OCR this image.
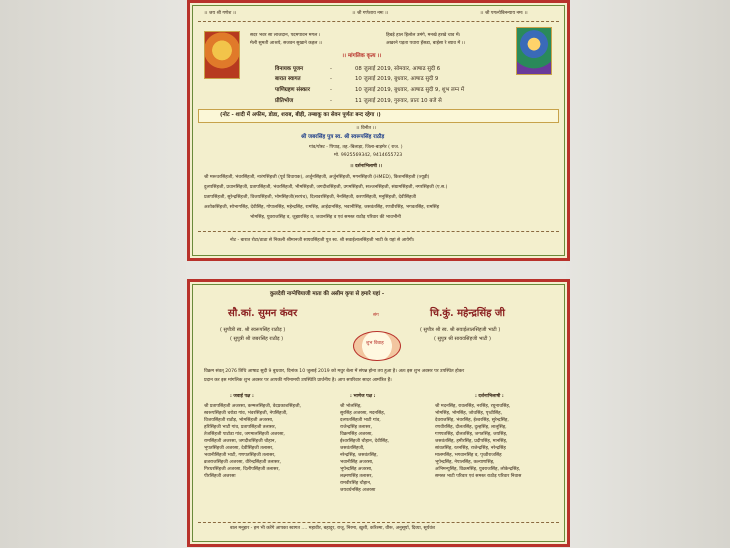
।। जय श्री गणेश ।।	।। श्री गणेशाय नमः ।।	।। श्री पगल्येबिनन्याय नमः ।।
सदर भवर सा लाजदान, पदमपावन मगल ।
मेली सुमती आश्रये, सजवन सुखाने कहल ।।
हिबड़े हाल हिलोल उमंगे, मनखे हरखे चाव में।
अखरने पड़ता पधारा हँसडा, बाईसा रे ब्याव में ।।
।। मांगलिक कृत्य ।।
विनायक पूजन	-	08 जुलाई 2019, सोमवार, आषाढ सुदी 6
बारात स्वागत	-	10 जुलाई 2019, बुधवार, आषाढ सुदी 9
पाणिग्रहण संस्कार	-	10 जुलाई 2019, बुधवार, आषाढ सुदी 9, शुभ लग्न में
प्रीतिभोज	-	11 जुलाई 2019, गुरुवार, प्रातः 10 बजे से
(नोट - शादी में अफीम, डोडा, शराब, बीड़ी, तम्बाकू का सेवन पूर्णतः बन्द रहेगा ।)
।। विनीत ।।
श्री जबरसिंह पुत्र स्व. श्री स्वरूपसिंह राठौड़
गांव/पोस्ट - पिपाड़, तह.-बिलाड़ा, जिला-बाड़मेर ( राज. )
मो. 9925569342, 9414655723
।। दर्शनाभिलाषी ।।
श्री मरूधरसिंहजी, भंवरसिंहजी, नारंगसिंहजी (पूर्व विधायक), अर्जुनसिंहजी, अर्जुनसिंहजी, मगनसिंहजी (HMED), किशनसिंहजी (ज्यूडी)
दुलपसिंहजी, प्रधानसिंहजी, प्रतापसिंहजी, भंवरसिंहजी, भीमसिंहजी, जगदीशसिंहजी, उगमसिंहजी, सज्जनसिंहजी, संग्रामसिंहजी, नगरसिंहजी (ए.स.)
प्रतापसिंहजी, सुरेन्द्रसिंहजी, विजयसिंहजी, भोमसिंहजी(सरपंच), दिलावरसिंहजी, नैनसिंहजी, करणसिंहजी, मनुसिंहजी, देवीसिंहजी
अशोकसिंहजी, सोभागसिंह, देवीसिंह, गोपालसिंह, महेन्द्रसिंह, रामसिंह, आईदानसिंह, भवानीसिंह, जसवंतसिंह, रणवीरसिंह, भगवतसिंह, रामसिंह
भोमसिंह, युवराजसिंह व, जुझारसिंह व, जवानसिंह व एवं समस्त राठौड़ परिवार की भावभीनी
नोट - बारात रोटा/ठाठा से निकली श्रीमानजी सायवसिंहजी पुत्र स्व. श्री सवाईलालसिंहजी भाटी के यहां से आयेगी।
कुलदेवी नाग्नेचियाजी माता की असीम कृपा से हमारे यहां -
सौ.कां. सुमन कंवर
( सुपौत्री स्व. श्री स्वरूपसिंह राठौड़ )
( सुपुत्री श्री जबरसिंह राठौड़ )
संग
शुभ विवाह
चि.कुं. महेन्द्रसिंह जी
( सुपौत्र श्री स्व. श्री सवाईलालसिंहजी भाटी )
( सुपुत्र श्री सायवसिंहजी भाटी )
विक्रम संवत् 2076 तिथि आषाढ सुदी 9 बुधवार, दिनांक 10 जुलाई 2019 को मधुर बेला में संपन्न होना तय हुआ है। अतः इस शुभ अवसर पर उपस्थित होकर
प्रदान कर इस मांगलिक शुभ अवसर पर आपकी गरिमामयी उपस्थिति प्रार्थनीय है। आप सपरिवार सादर आमंत्रित हैं।
: जवाई पक्ष :	: भाणेज पक्ष :	: दर्शनाभिलाषी :
श्री प्रतापसिंहजी अजरसा, कम्मलसिंहजी, वेदप्रकाशसिंहजी,
स्वरूपसिंहजी चरोडा गांव, भंवरसिंहजी, नेपसिंहजी,
विजयसिंहजी राठौड़, भोमसिंहजी अजरसा,
हरिसिंहजी भाटी गांव, प्रतापसिंहजी तलासर,
तेजसिंहजी पाटोडा गांव, जगमालसिंहजी अजरसा,
रामसिंहजी अजरसा, जगदीशसिंहजी चौहान,
भूपतसिंहजी अजरसा, देवीसिंहजी तलासर,
भवानीसिंहजी भाटी, गणपतसिंहजी तलासर,
ब्रजराजसिंहजी अजरसा, वीरेन्द्रसिंहजी तलासर,
गिरधरसिंहजी अजरसा, दिलीपसिंहजी तलासर,
पीरसिंहजी अजरसा
श्री भोलसिंह,
सुरसिंह अजरसा, मदनसिंह,
दलपतसिंहजी भाटी गांव,
राजेन्द्रसिंह तलासर,
विक्रमसिंह अजरसा,
ईश्वरसिंहजी चौहान, देवीसिंह,
जसवंतसिंहजी,
नरेन्द्रसिंह, जसवंतसिंह,
भवानीसिंह अजरसा,
भूपेन्द्रसिंह अजरसा,
लक्ष्मणसिंह तलासर,
रामवीरसिंह चौहान,
जयवर्धनसिंह अजरसा
श्री मदनसिंह, रावलसिंह, नरसिंह, रघुनाथसिंह,
भोमसिंह, भोमसिंह, जोधसिंह, पृथ्वीसिंह,
देवराजसिंह, भंवरसिंह, ईश्वरसिंह, सुरेन्द्रसिंह,
रणवीरसिंह, दौलतसिंह, दुल्हसिंह, लालूसिंह,
गणपतसिंह, दौलतसिंह, जगतसिंह, जयसिंह,
जसवंतसिंह, हमीरसिंह, प्रदीपसिंह, मानसिंह,
सांवतसिंह, रतनसिंह, राजेन्द्रसिंह, नरेन्द्रसिंह
मालमसिंह, भगवानसिंह व, पृथ्वीराजसिंह
भूपेन्द्रसिंह, नेपालसिंह, कल्याणसिंह,
अभिमन्युसिंह, विक्रमसिंह, युवराजसिंह, लोकेन्द्रसिंह,
समस्त भाटी परिवार एवं समस्त राठौड़ परिवार निवास
बाल मनुहार - हम भी करेंगे आपका स्वागत .... महावीर, बहादुर, राजू, निरमा, खुशी, करिश्मा, वीरू, अनुसूर्या, दिव्या, सूर्यवंश
